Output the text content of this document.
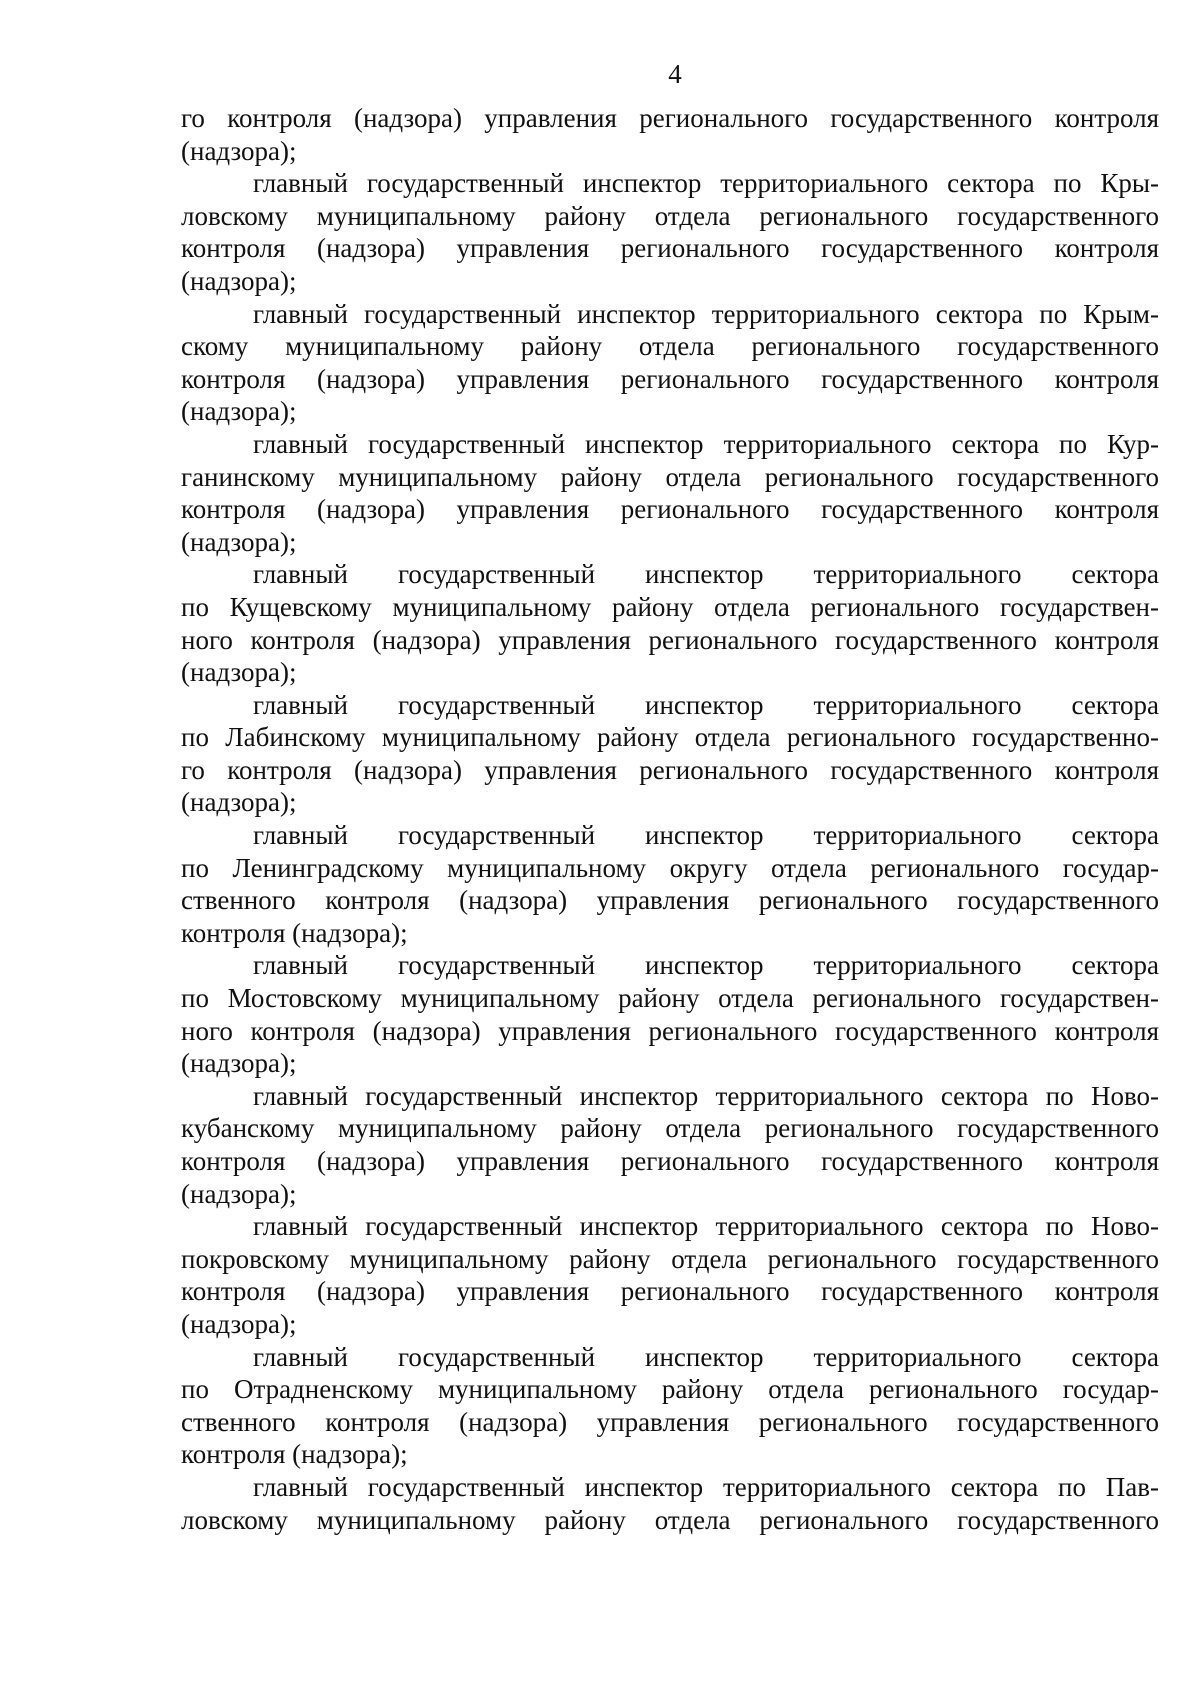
4
го контроля (надзора) управления регионального государственного контроля
(надзора);
главный государственный инспектор территориального сектора по Кры-
ловскому муниципальному району отдела регионального государственного
контроля (надзора) управления регионального государственного контроля
(надзора);
главный государственный инспектор территориального сектора по Крым-
скому муниципальному району отдела регионального государственного
контроля (надзора) управления регионального государственного контроля
(надзора);
главный государственный инспектор территориального сектора по Кур-
ганинскому муниципальному району отдела регионального государственного
контроля (надзора) управления регионального государственного контроля
(надзора);
главный государственный инспектор территориального сектора
по Кущевскому муниципальному району отдела регионального государствен-
ного контроля (надзора) управления регионального государственного контроля
(надзора);
главный государственный инспектор территориального сектора
по Лабинскому муниципальному району отдела регионального государственно-
го контроля (надзора) управления регионального государственного контроля
(надзора);
главный государственный инспектор территориального сектора
по Ленинградскому муниципальному округу отдела регионального государ-
ственного контроля (надзора) управления регионального государственного
контроля (надзора);
главный государственный инспектор территориального сектора
по Мостовскому муниципальному району отдела регионального государствен-
ного контроля (надзора) управления регионального государственного контроля
(надзора);
главный государственный инспектор территориального сектора по Ново-
кубанскому муниципальному району отдела регионального государственного
контроля (надзора) управления регионального государственного контроля
(надзора);
главный государственный инспектор территориального сектора по Ново-
покровскому муниципальному району отдела регионального государственного
контроля (надзора) управления регионального государственного контроля
(надзора);
главный государственный инспектор территориального сектора
по Отрадненскому муниципальному району отдела регионального государ-
ственного контроля (надзора) управления регионального государственного
контроля (надзора);
главный государственный инспектор территориального сектора по Пав-
ловскому муниципальному району отдела регионального государственного
